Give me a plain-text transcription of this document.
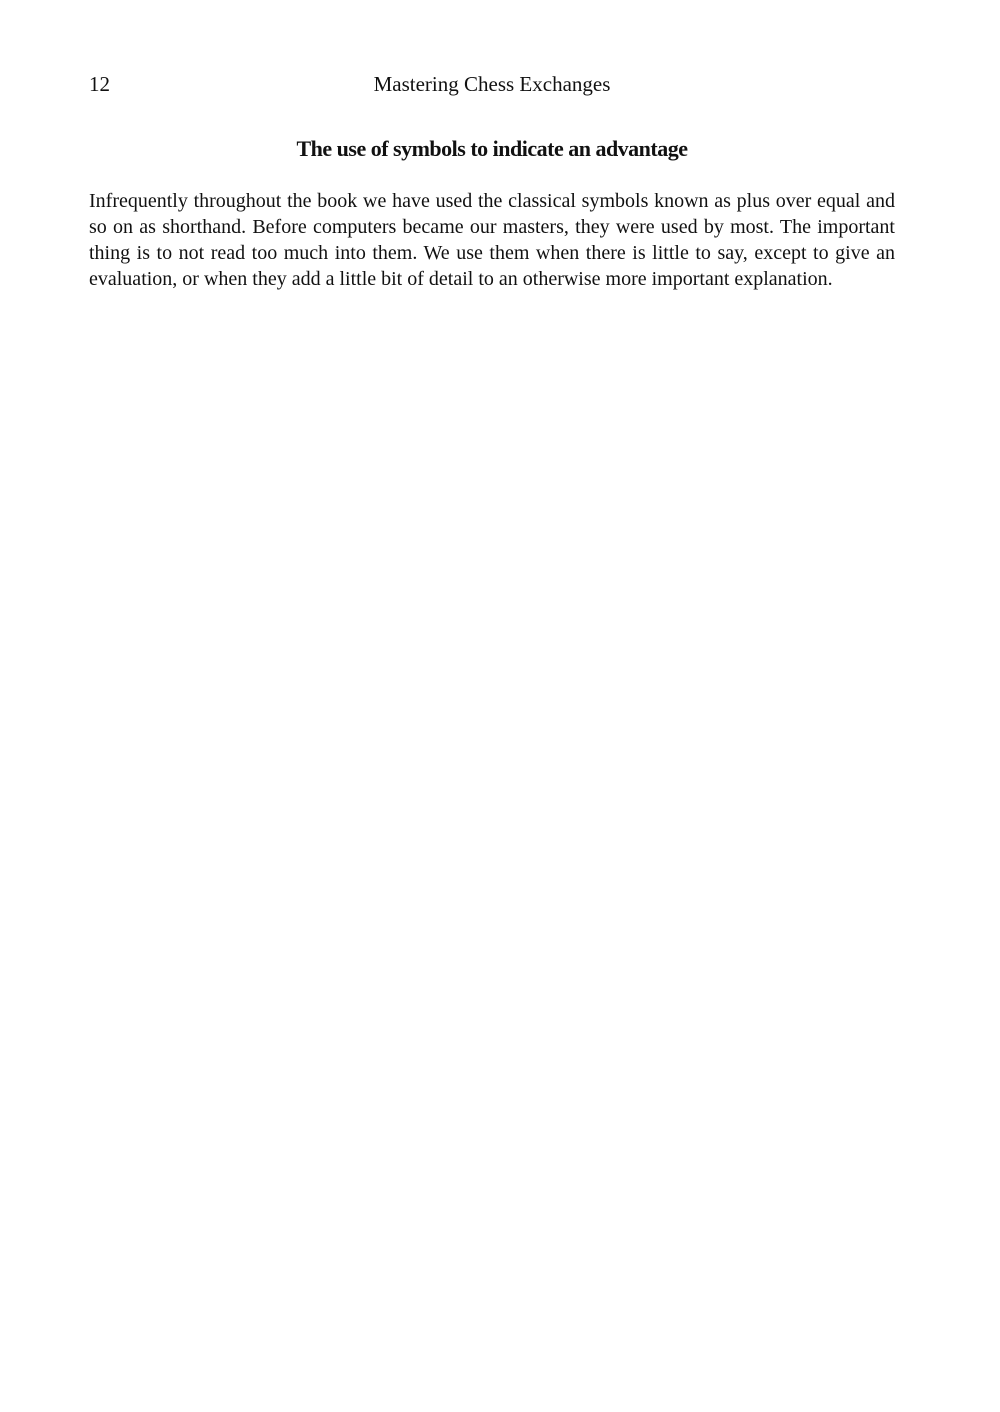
12	Mastering Chess Exchanges
The use of symbols to indicate an advantage

Infrequently throughout the book we have used the classical symbols known as plus over equal and so on as shorthand. Before computers became our masters, they were used by most. The important thing is to not read too much into them. We use them when there is little to say, except to give an evaluation, or when they add a little bit of detail to an otherwise more important explanation.
